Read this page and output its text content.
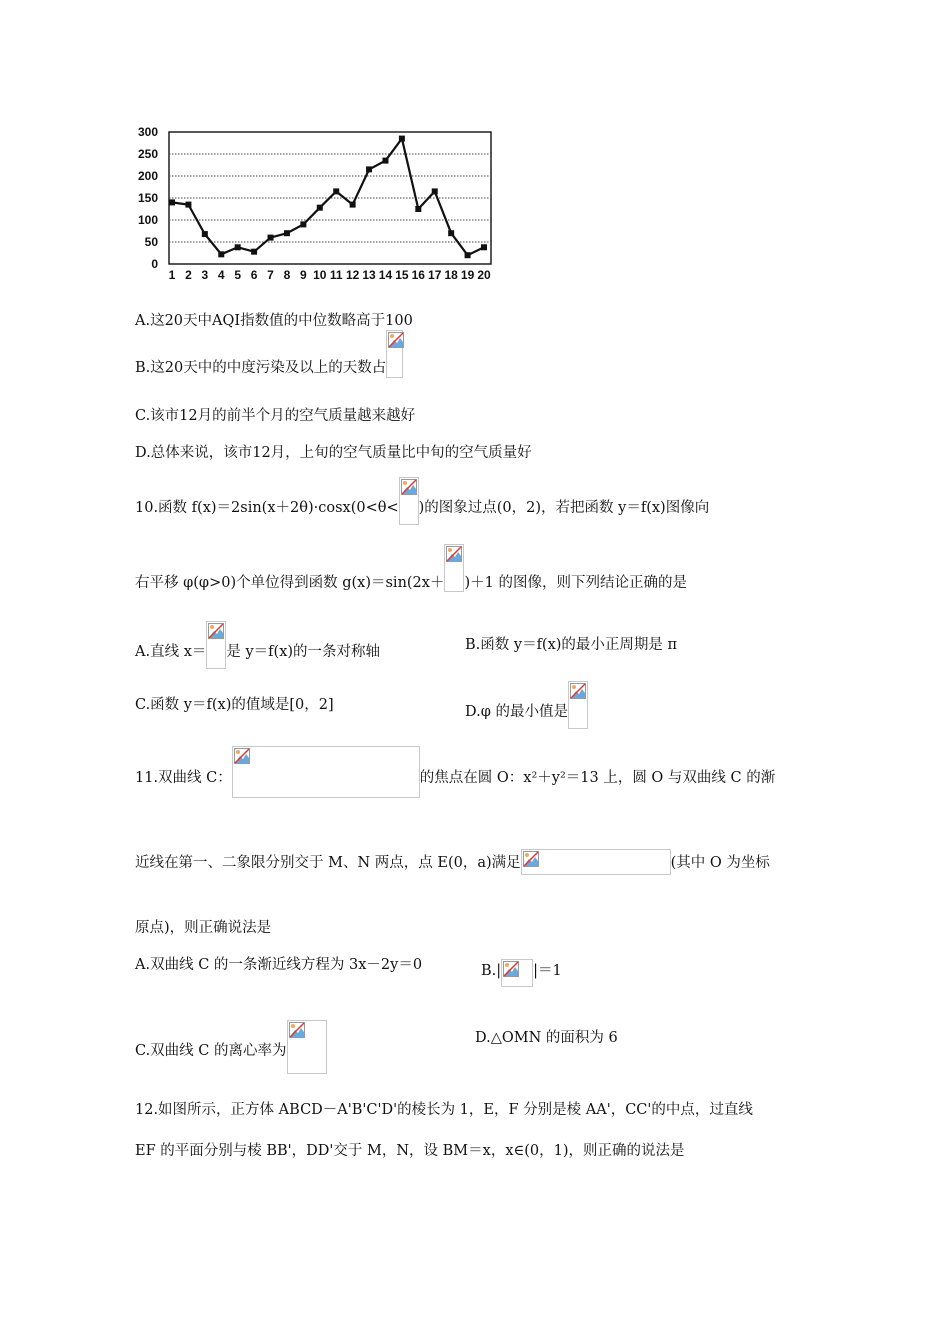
0
50
100
150
200
250
300
1 2 3 4 5 6 7 8 9 10 11 12 13 14 15 16 17 18 19 20
A.这20天中AQI指数值的中位数略高于100
B.这20天中的中度污染及以上的天数占
C.该市12月的前半个月的空气质量越来越好
D.总体来说，该市12月，上旬的空气质量比中旬的空气质量好
10.函数 f(x)＝2sin(x＋2θ)·cosx(0<θ< )的图象过点(0，2)，若把函数 y＝f(x)图像向
右平移 φ(φ>0)个单位得到函数 g(x)＝sin(2x＋ )＋1 的图像，则下列结论正确的是
A.直线 x＝ 是 y＝f(x)的一条对称轴	B.函数 y＝f(x)的最小正周期是 π
C.函数 y＝f(x)的值域是[0，2]	D.φ 的最小值是
11.双曲线 C：	的焦点在圆 O：x²＋y²＝13 上，圆 O 与双曲线 C 的渐
近线在第一、二象限分别交于 M、N 两点，点 E(0，a)满足	(其中 O 为坐标
原点)，则正确说法是
A.双曲线 C 的一条渐近线方程为 3x－2y＝0	B.| |＝1
C.双曲线 C 的离心率为
D.△OMN 的面积为 6
12.如图所示，正方体 ABCD－A'B'C'D'的棱长为 1，E，F 分别是棱 AA'，CC'的中点，过直线
EF 的平面分别与棱 BB'，DD'交于 M，N，设 BM＝x，x∈(0，1)，则正确的说法是
